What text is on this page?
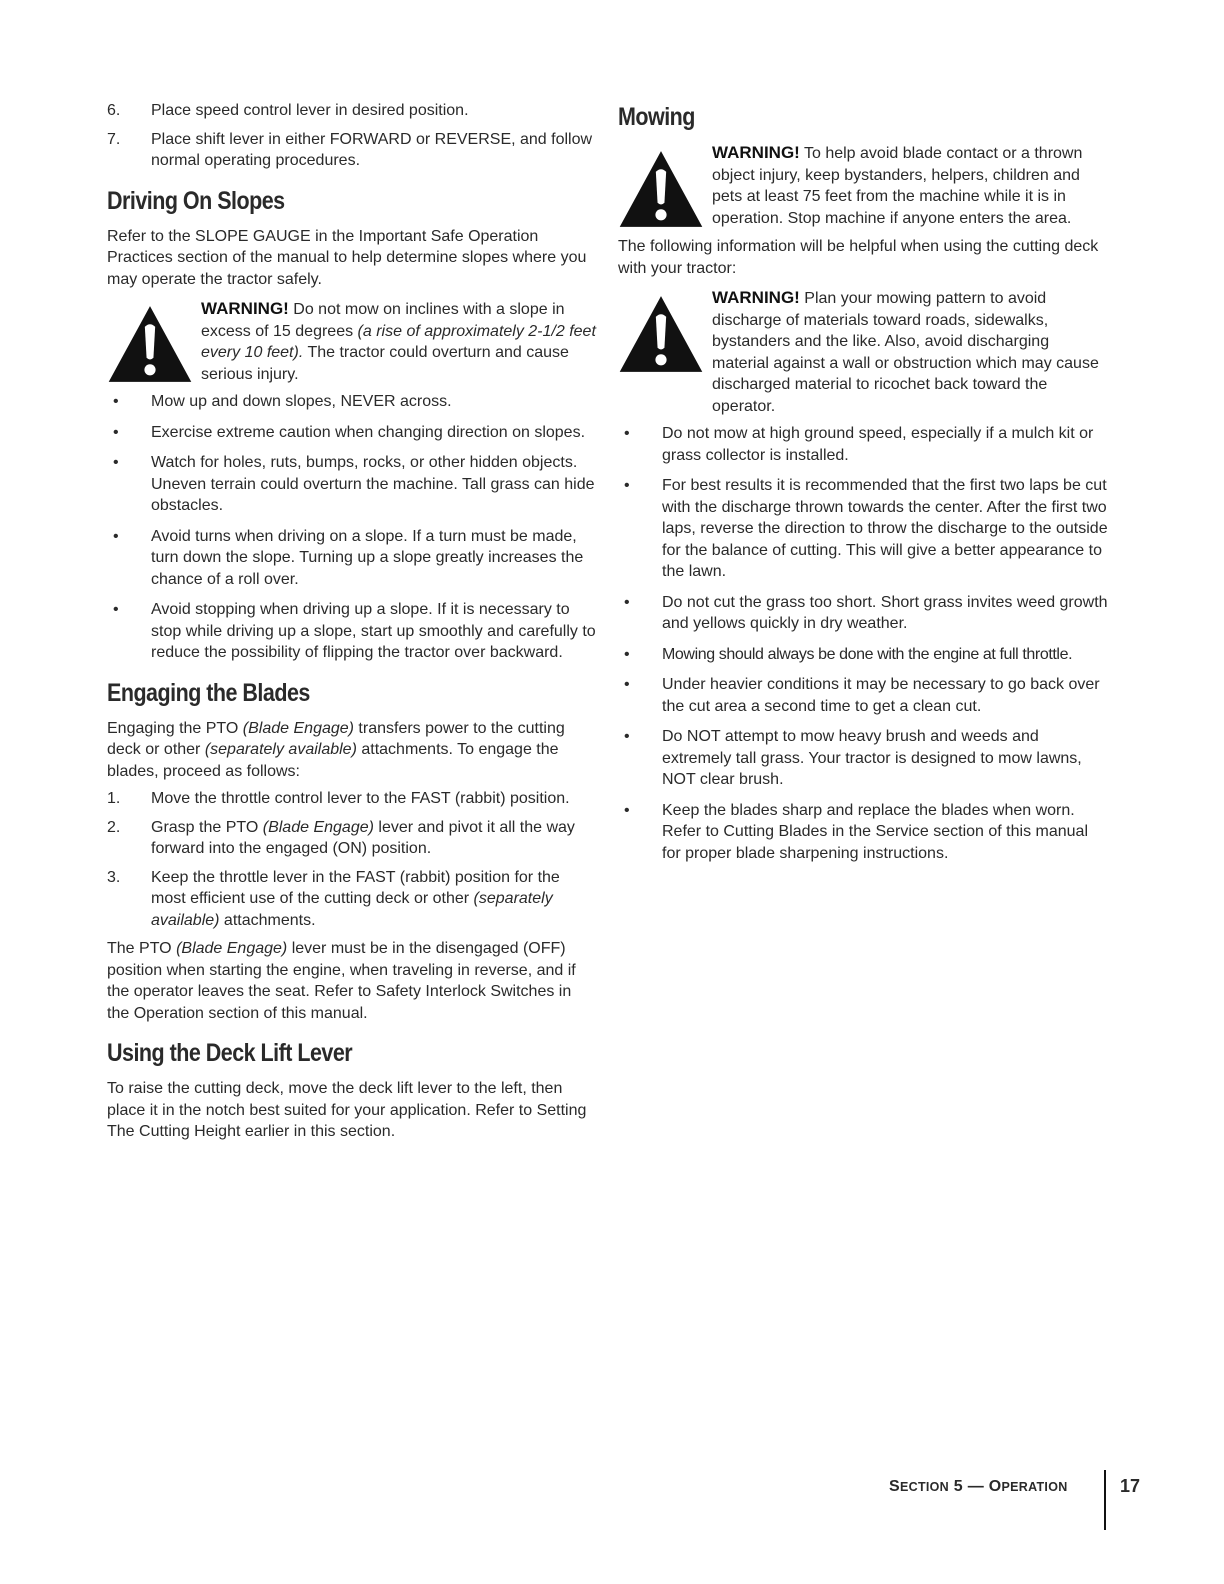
6. Place speed control lever in desired position.
7. Place shift lever in either FORWARD or REVERSE, and follow normal operating procedures.
Driving On Slopes

Refer to the SLOPE GAUGE in the Important Safe Operation Practices section of the manual to help determine slopes where you may operate the tractor safely.

WARNING! Do not mow on inclines with a slope in excess of 15 degrees (a rise of approximately 2-1/2 feet every 10 feet). The tractor could overturn and cause serious injury.

• Mow up and down slopes, NEVER across.
• Exercise extreme caution when changing direction on slopes.
• Watch for holes, ruts, bumps, rocks, or other hidden objects. Uneven terrain could overturn the machine. Tall grass can hide obstacles.
• Avoid turns when driving on a slope. If a turn must be made, turn down the slope. Turning up a slope greatly increases the chance of a roll over.
• Avoid stopping when driving up a slope. If it is necessary to stop while driving up a slope, start up smoothly and carefully to reduce the possibility of flipping the tractor over backward.
Engaging the Blades

Engaging the PTO (Blade Engage) transfers power to the cutting deck or other (separately available) attachments. To engage the blades, proceed as follows:

1. Move the throttle control lever to the FAST (rabbit) position.
2. Grasp the PTO (Blade Engage) lever and pivot it all the way forward into the engaged (ON) position.
3. Keep the throttle lever in the FAST (rabbit) position for the most efficient use of the cutting deck or other (separately available) attachments.

The PTO (Blade Engage) lever must be in the disengaged (OFF) position when starting the engine, when traveling in reverse, and if the operator leaves the seat. Refer to Safety Interlock Switches in the Operation section of this manual.

Using the Deck Lift Lever

To raise the cutting deck, move the deck lift lever to the left, then place it in the notch best suited for your application. Refer to Setting The Cutting Height earlier in this section.

Mowing

WARNING! To help avoid blade contact or a thrown object injury, keep bystanders, helpers, children and pets at least 75 feet from the machine while it is in operation. Stop machine if anyone enters the area.

The following information will be helpful when using the cutting deck with your tractor:

WARNING! Plan your mowing pattern to avoid discharge of materials toward roads, sidewalks, bystanders and the like. Also, avoid discharging material against a wall or obstruction which may cause discharged material to ricochet back toward the operator.

• Do not mow at high ground speed, especially if a mulch kit or grass collector is installed.
• For best results it is recommended that the first two laps be cut with the discharge thrown towards the center. After the first two laps, reverse the direction to throw the discharge to the outside for the balance of cutting. This will give a better appearance to the lawn.
• Do not cut the grass too short. Short grass invites weed growth and yellows quickly in dry weather.
• Mowing should always be done with the engine at full throttle.
• Under heavier conditions it may be necessary to go back over the cut area a second time to get a clean cut.
• Do NOT attempt to mow heavy brush and weeds and extremely tall grass. Your tractor is designed to mow lawns, NOT clear brush.
• Keep the blades sharp and replace the blades when worn. Refer to Cutting Blades in the Service section of this manual for proper blade sharpening instructions.
SECTION 5 — OPERATION	17
